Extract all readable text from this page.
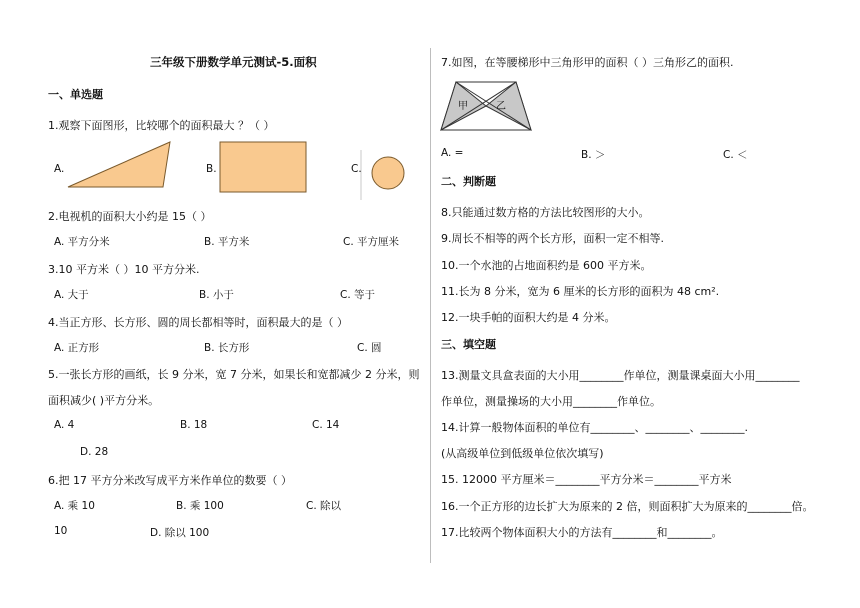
三年级下册数学单元测试-5.面积
一、单选题
1.观察下面图形，比较哪个的面积最大 ？（ ）
A.	B.	C.
2.电视机的面积大小约是 15（ ）
A. 平方分米	B. 平方米	C. 平方厘米
3.10 平方米（ ）10 平方分米.
A. 大于	B. 小于	C. 等于
4.当正方形、长方形、圆的周长都相等时，面积最大的是（ ）
A. 正方形	B. 长方形	C. 圆
5.一张长方形的画纸，长 9 分米，宽 7 分米，如果长和宽都减少 2 分米，则
面积减少( )平方分米。
A. 4	B. 18	C. 14
D. 28
6.把 17 平方分米改写成平方米作单位的数要（ ）
A. 乘 10	B. 乘 100	C. 除以
10	D. 除以 100
7.如图，在等腰梯形中三角形甲的面积（ ）三角形乙的面积.
甲	乙
A. =	B. ＞	C. ＜
二、判断题
8.只能通过数方格的方法比较图形的大小。
9.周长不相等的两个长方形，面积一定不相等.
10.一个水池的占地面积约是 600 平方米。
11.长为 8 分米，宽为 6 厘米的长方形的面积为 48 cm².
12.一块手帕的面积大约是 4 分米。
三、填空题
13.测量文具盒表面的大小用________作单位，测量课桌面大小用________
作单位，测量操场的大小用________作单位。
14.计算一般物体面积的单位有________、________、________.
(从高级单位到低级单位依次填写)
15. 12000 平方厘米＝________平方分米＝________平方米
16.一个正方形的边长扩大为原来的 2 倍，则面积扩大为原来的________倍。
17.比较两个物体面积大小的方法有________和________。
